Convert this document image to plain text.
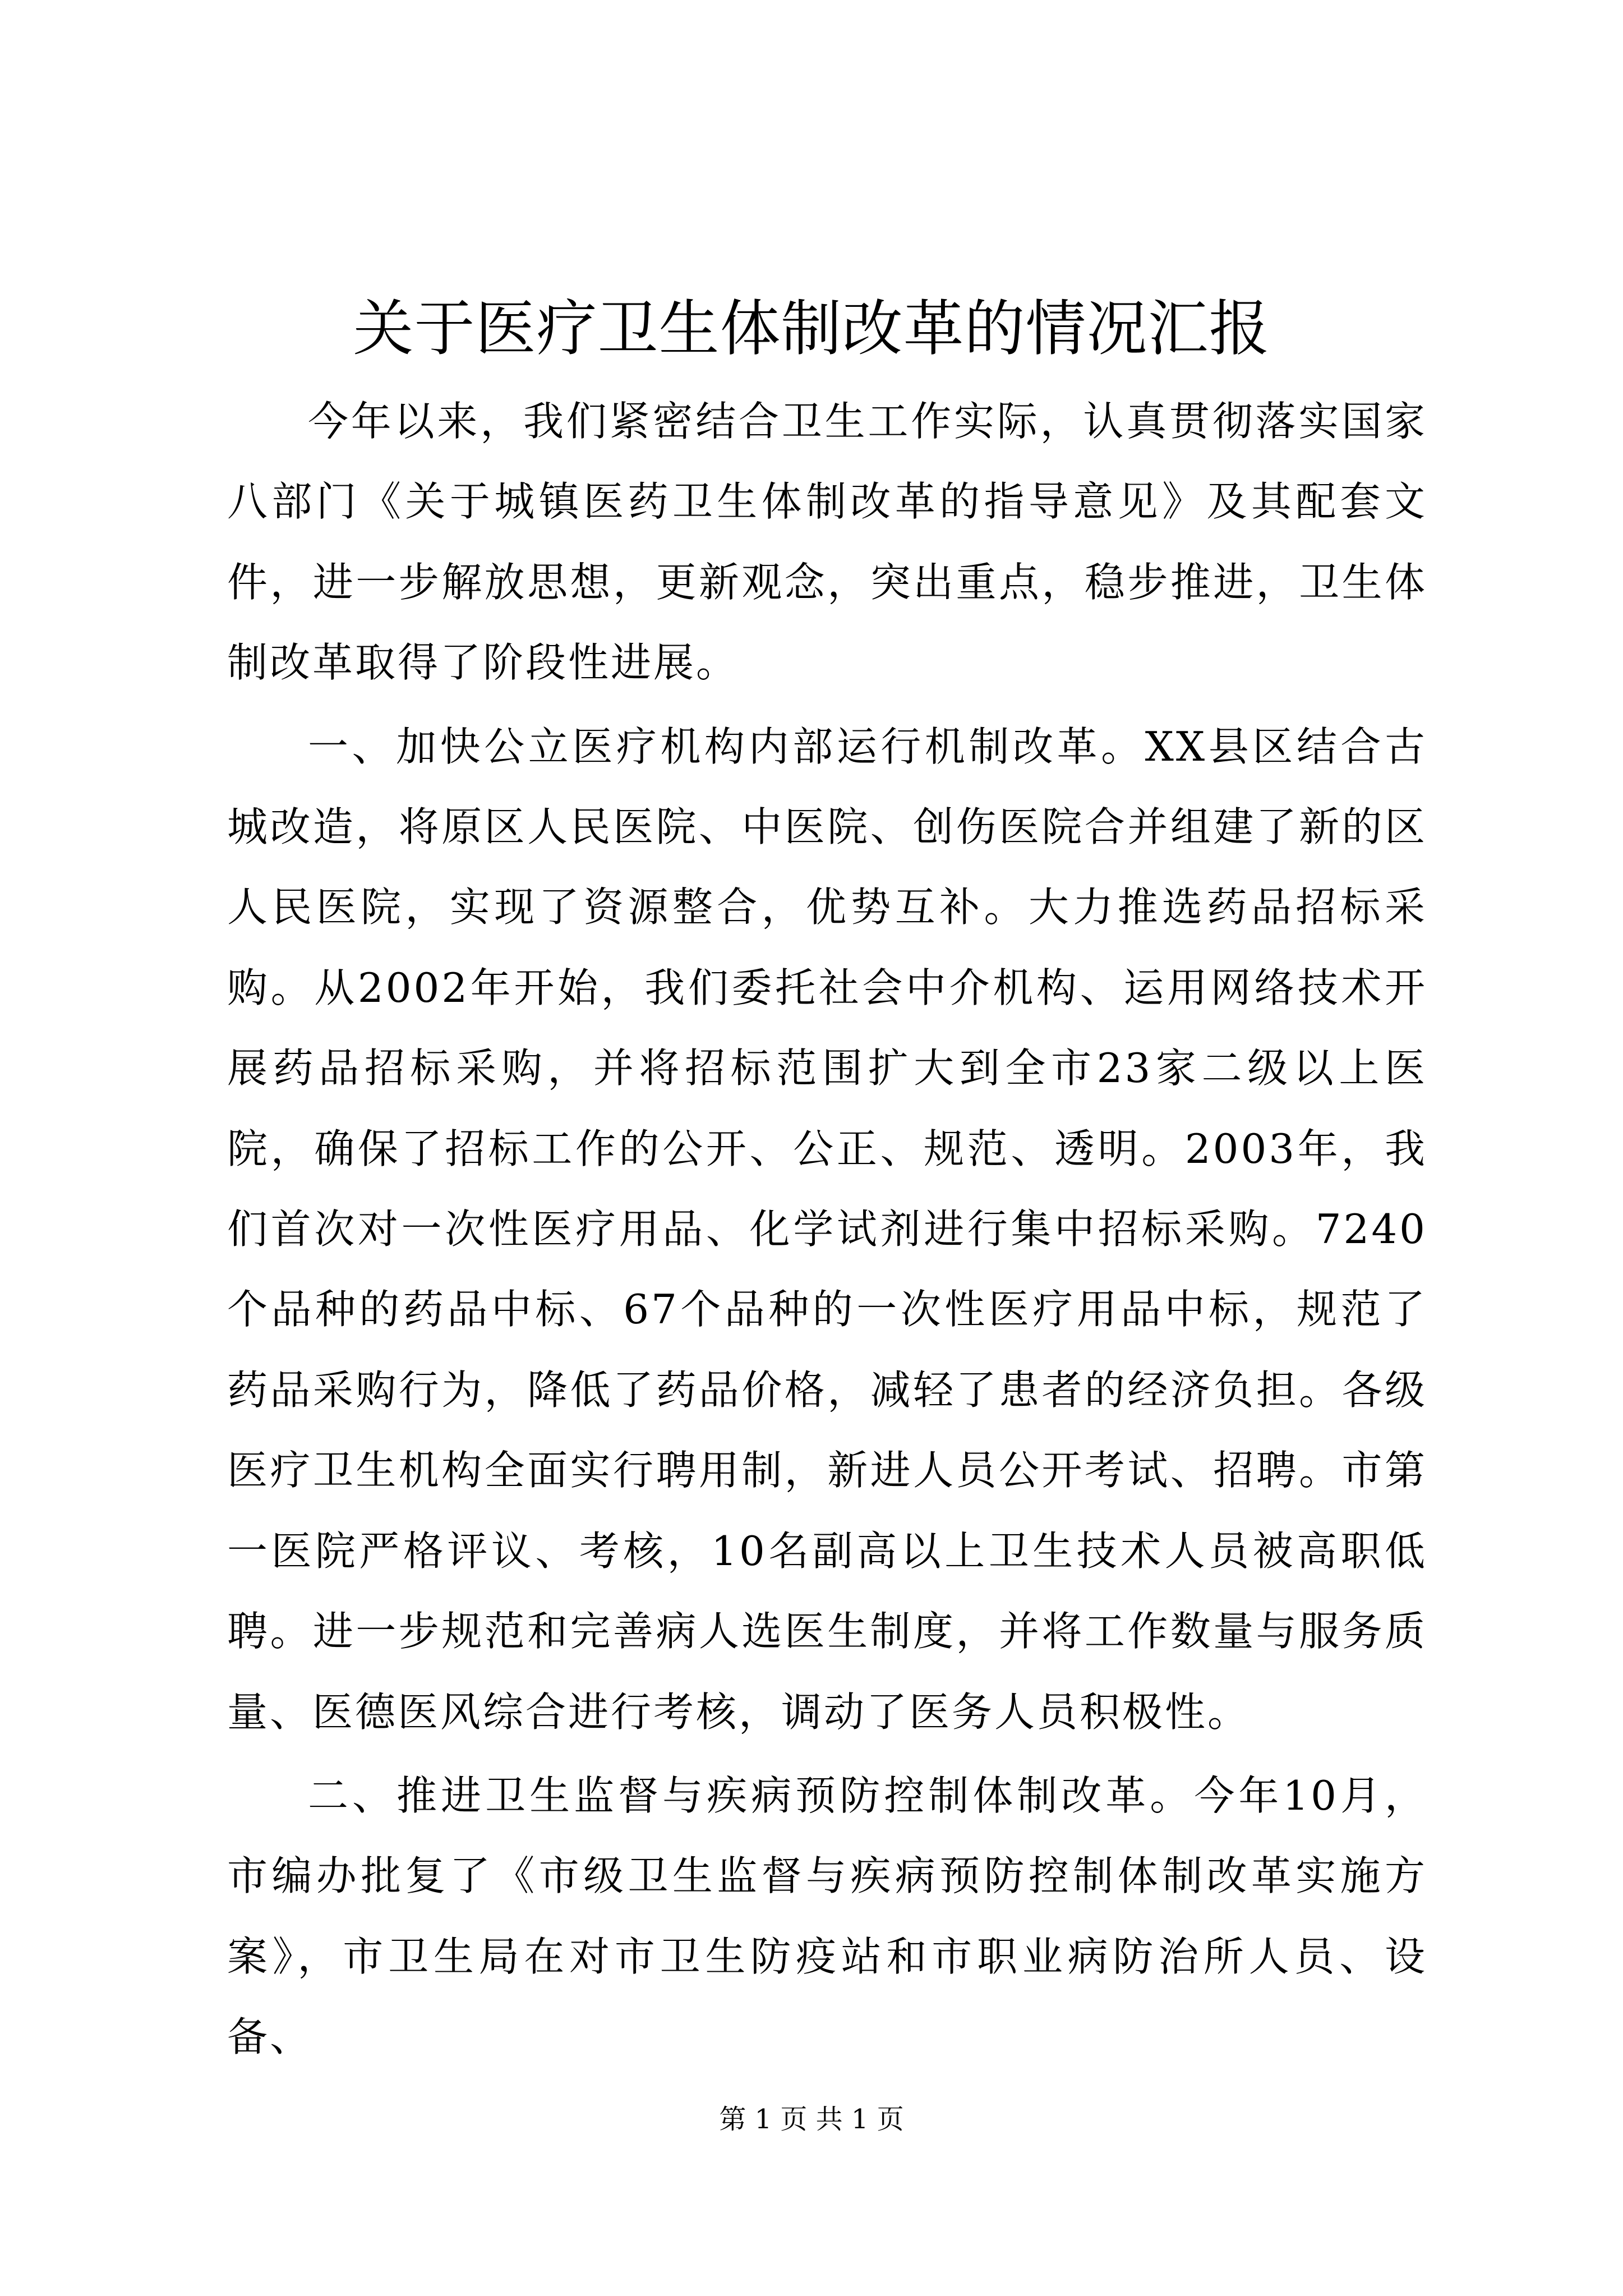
关于医疗卫生体制改革的情况汇报

今年以来，我们紧密结合卫生工作实际，认真贯彻落实国家八部门《关于城镇医药卫生体制改革的指导意见》及其配套文件，进一步解放思想，更新观念，突出重点，稳步推进，卫生体制改革取得了阶段性进展。

一、加快公立医疗机构内部运行机制改革。XX县区结合古城改造，将原区人民医院、中医院、创伤医院合并组建了新的区人民医院，实现了资源整合，优势互补。大力推选药品招标采购。从2002年开始，我们委托社会中介机构、运用网络技术开展药品招标采购，并将招标范围扩大到全市23家二级以上医院，确保了招标工作的公开、公正、规范、透明。2003年，我们首次对一次性医疗用品、化学试剂进行集中招标采购。7240个品种的药品中标、67个品种的一次性医疗用品中标，规范了药品采购行为，降低了药品价格，减轻了患者的经济负担。各级医疗卫生机构全面实行聘用制，新进人员公开考试、招聘。市第一医院严格评议、考核，10名副高以上卫生技术人员被高职低聘。进一步规范和完善病人选医生制度，并将工作数量与服务质量、医德医风综合进行考核，调动了医务人员积极性。

二、推进卫生监督与疾病预防控制体制改革。今年10月，市编办批复了《市级卫生监督与疾病预防控制体制改革实施方案》，市卫生局在对市卫生防疫站和市职业病防治所人员、设备、

第 1 页 共 1 页
